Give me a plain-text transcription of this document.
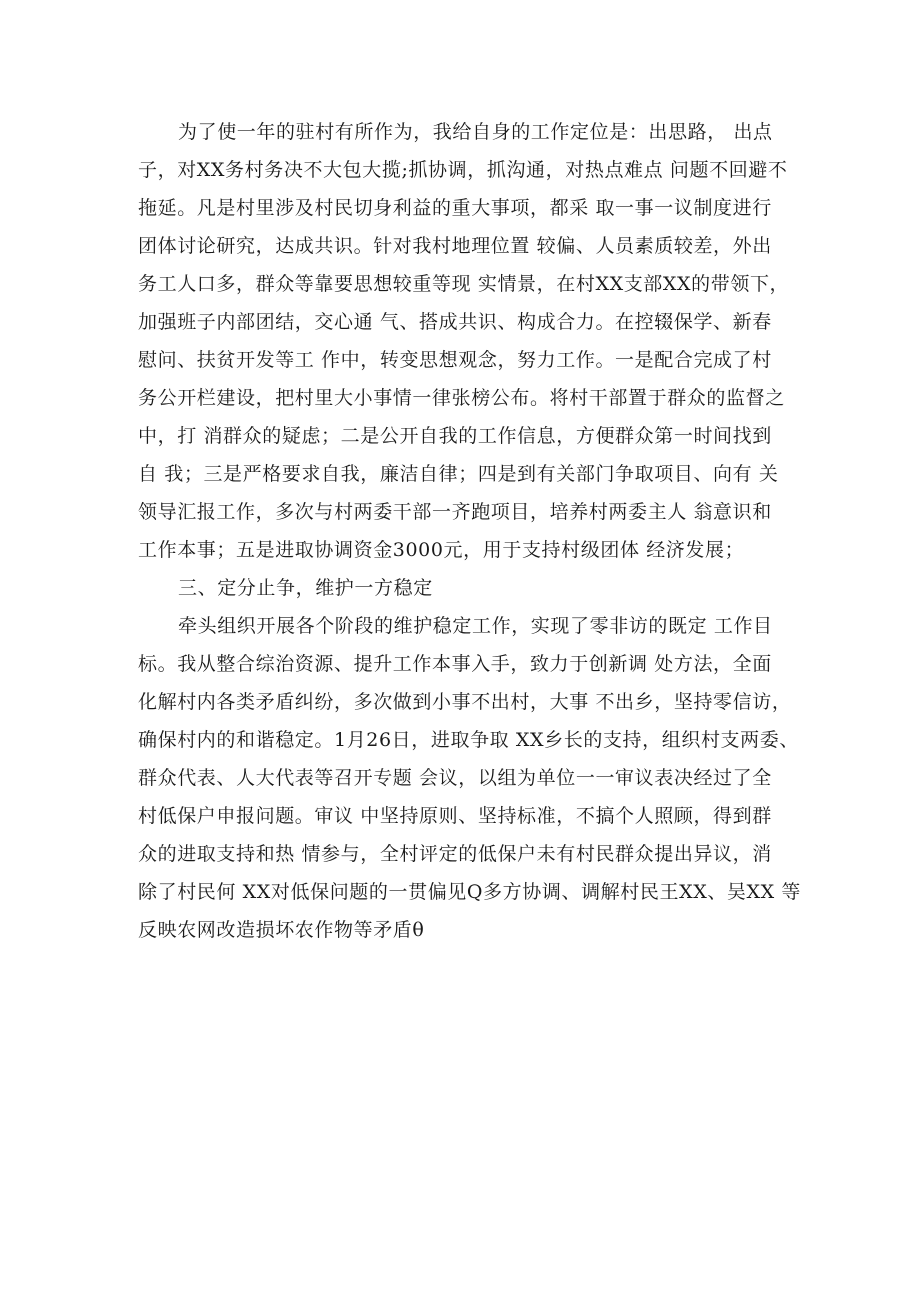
为了使一年的驻村有所作为，我给自身的工作定位是：出思路， 出点
子，对XX务村务决不大包大揽;抓协调，抓沟通，对热点难点 问题不回避不
拖延。凡是村里涉及村民切身利益的重大事项，都采 取一事一议制度进行
团体讨论研究，达成共识。针对我村地理位置 较偏、人员素质较差，外出
务工人口多，群众等靠要思想较重等现 实情景，在村XX支部XX的带领下，
加强班子内部团结，交心通 气、搭成共识、构成合力。在控辍保学、新春
慰问、扶贫开发等工 作中，转变思想观念，努力工作。一是配合完成了村
务公开栏建设，把村里大小事情一律张榜公布。将村干部置于群众的监督之
中，打 消群众的疑虑；二是公开自我的工作信息，方便群众第一时间找到
自 我；三是严格要求自我，廉洁自律；四是到有关部门争取项目、向有 关
领导汇报工作，多次与村两委干部一齐跑项目，培养村两委主人 翁意识和
工作本事；五是进取协调资金3000元，用于支持村级团体 经济发展；
三、定分止争，维护一方稳定
牵头组织开展各个阶段的维护稳定工作，实现了零非访的既定 工作目
标。我从整合综治资源、提升工作本事入手，致力于创新调 处方法，全面
化解村内各类矛盾纠纷，多次做到小事不出村，大事 不出乡，坚持零信访，
确保村内的和谐稳定。1月26日，进取争取 XX乡长的支持，组织村支两委、
群众代表、人大代表等召开专题 会议，以组为单位一一审议表决经过了全
村低保户申报问题。审议 中坚持原则、坚持标准，不搞个人照顾，得到群
众的进取支持和热 情参与，全村评定的低保户未有村民群众提出异议，消
除了村民何 XX对低保问题的一贯偏见Q多方协调、调解村民王XX、吴XX 等
反映农网改造损坏农作物等矛盾θ
